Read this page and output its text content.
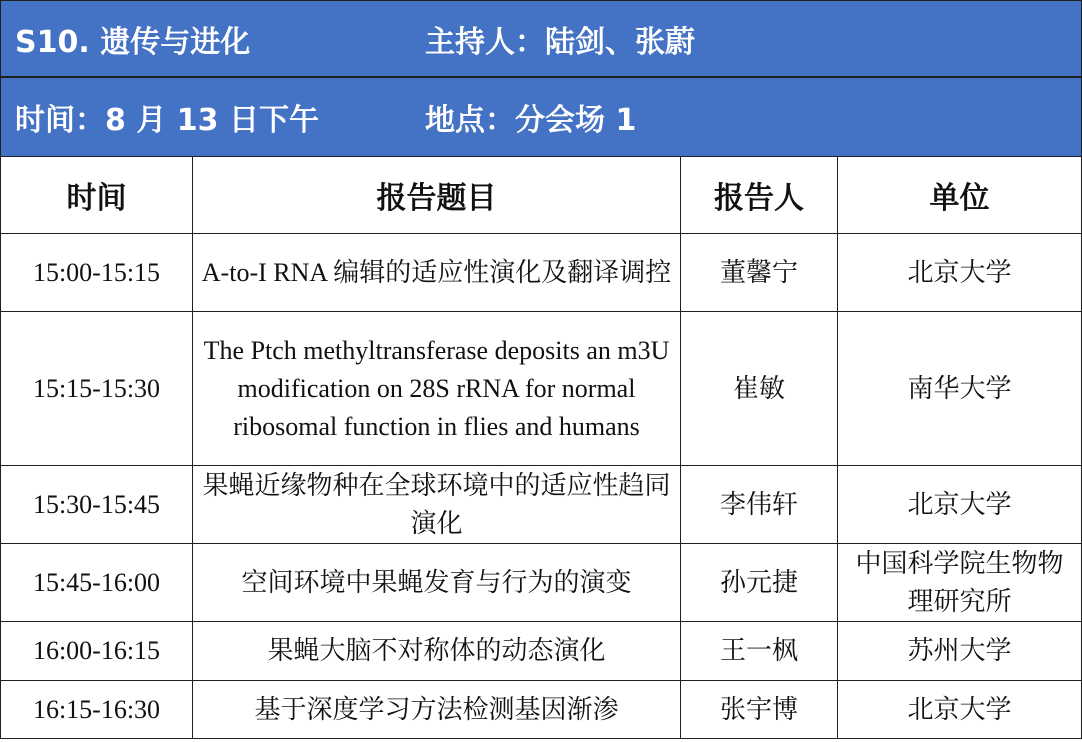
S10. 遗传与进化	主持人：陆剑、张蔚
时间：8 月 13 日下午	地点：分会场 1
时间	报告题目	报告人	单位
15:00-15:15	A-to-I RNA 编辑的适应性演化及翻译调控	董馨宁	北京大学
15:15-15:30	The Ptch methyltransferase deposits an m3U modification on 28S rRNA for normal ribosomal function in flies and humans	崔敏	南华大学
15:30-15:45	果蝇近缘物种在全球环境中的适应性趋同演化	李伟轩	北京大学
15:45-16:00	空间环境中果蝇发育与行为的演变	孙元捷	中国科学院生物物理研究所
16:00-16:15	果蝇大脑不对称体的动态演化	王一枫	苏州大学
16:15-16:30	基于深度学习方法检测基因渐渗	张宇博	北京大学
